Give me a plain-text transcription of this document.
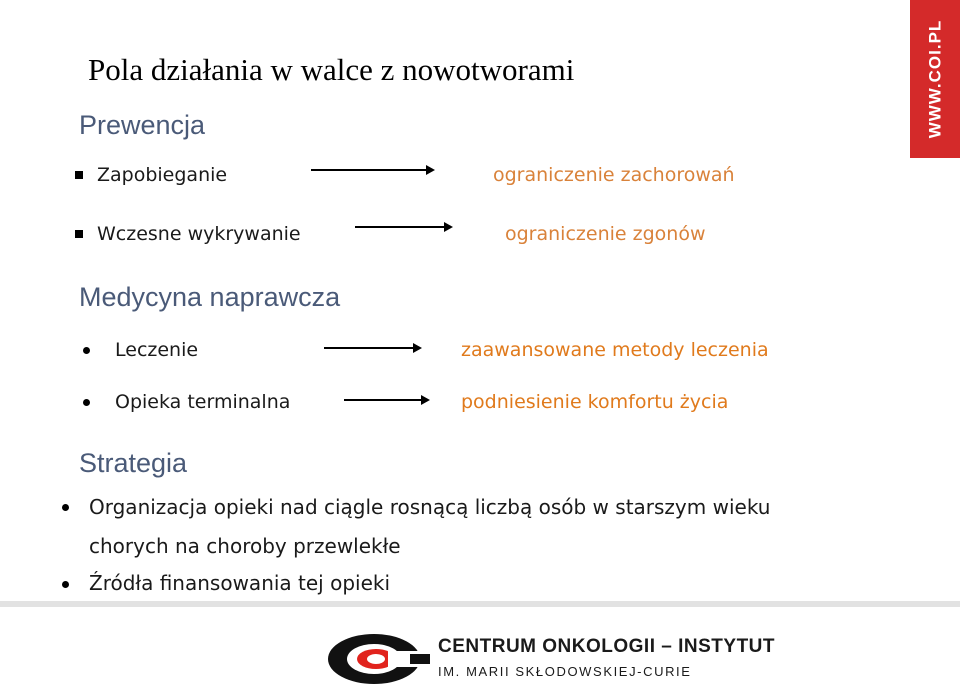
Pola działania w walce z nowotworami	WWW.COI.PL
Prewencja
Zapobieganie	ograniczenie zachorowań
Wczesne wykrywanie	ograniczenie zgonów
Medycyna naprawcza
Leczenie	zaawansowane metody leczenia
Opieka terminalna	podniesienie komfortu życia
Strategia
Organizacja opieki nad ciągle rosnącą liczbą osób w starszym wieku
chorych na choroby przewlekłe
Źródła finansowania tej opieki
CENTRUM ONKOLOGII – INSTYTUT
IM. MARII SKŁODOWSKIEJ-CURIE
